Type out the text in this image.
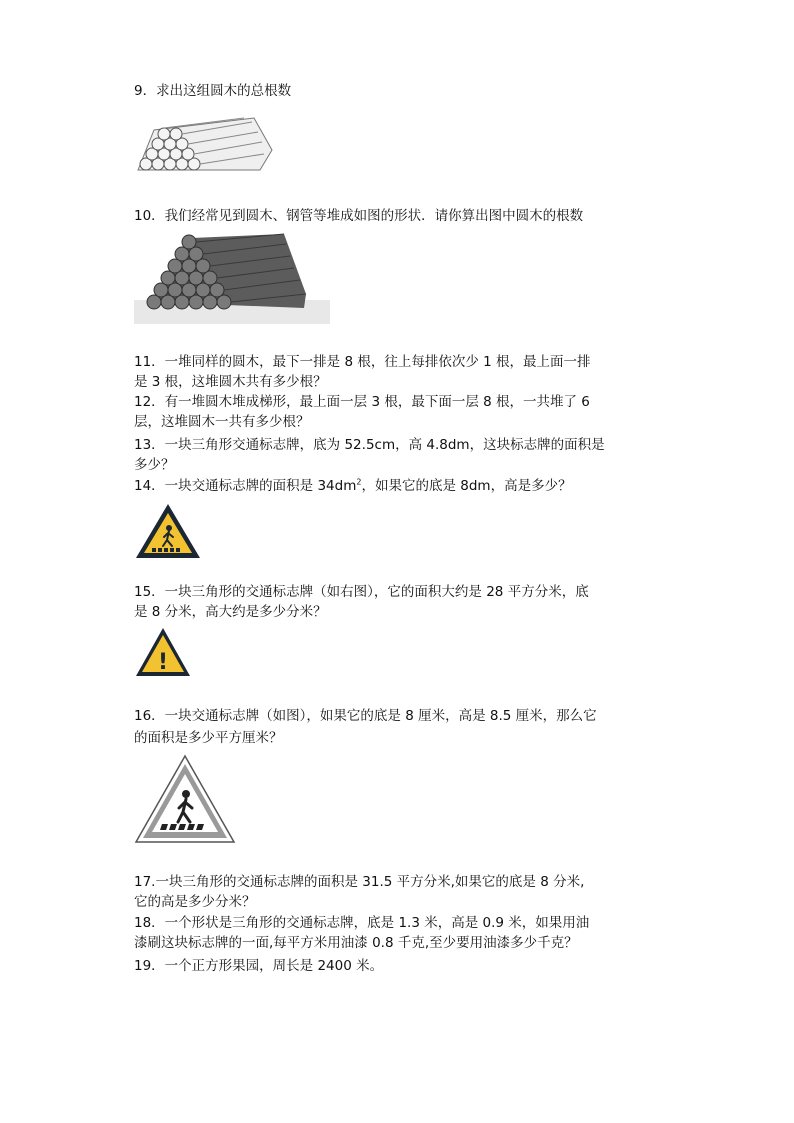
9．求出这组圆木的总根数
10．我们经常见到圆木、钢管等堆成如图的形状．请你算出图中圆木的根数
11．一堆同样的圆木，最下一排是 8 根，往上每排依次少 1 根，最上面一排
是 3 根，这堆圆木共有多少根？
12．有一堆圆木堆成梯形，最上面一层 3 根，最下面一层 8 根，一共堆了 6
层，这堆圆木一共有多少根？
13．一块三角形交通标志牌，底为 52.5cm，高 4.8dm，这块标志牌的面积是
多少？
14．一块交通标志牌的面积是 $34dm^2$，如果它的底是 8dm，高是多少？
15．一块三角形的交通标志牌（如右图），它的面积大约是 28 平方分米，底
是 8 分米，高大约是多少分米？
!
16．一块交通标志牌（如图），如果它的底是 8 厘米，高是 8.5 厘米，那么它
的面积是多少平方厘米？
17.一块三角形的交通标志牌的面积是 31.5 平方分米,如果它的底是 8 分米,
它的高是多少分米？
18．一个形状是三角形的交通标志牌，底是 1.3 米，高是 0.9 米，如果用油
漆刷这块标志牌的一面,每平方米用油漆 0.8 千克,至少要用油漆多少千克？
19．一个正方形果园，周长是 2400 米。
